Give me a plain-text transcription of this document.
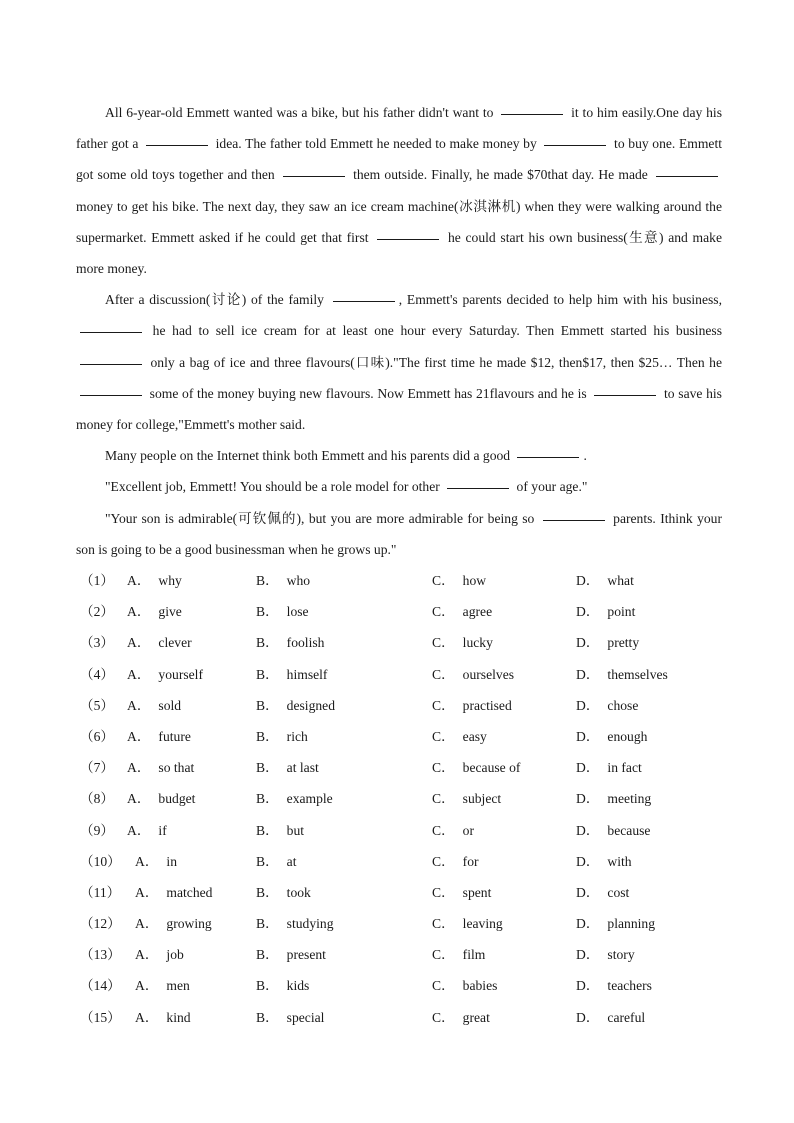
All 6-year-old Emmett wanted was a bike, but his father didn't want to	it to him easily.One day his father got a	idea. The father told Emmett he needed to make money by	to buy one. Emmett got some old toys together and then	them outside. Finally, he made $70that day. He made  money to get his bike. The next day, they saw an ice cream machine(冰淇淋机) when they were walking around the supermarket. Emmett asked if he could get that first	he could start his own business(生意) and make more money.

After a discussion(讨论) of the family	, Emmett's parents decided to help him with his business,  he had to sell ice cream for at least one hour every Saturday. Then Emmett started his business  only a bag of ice and three flavours(口味)."The first time he made $12, then$17, then $25… Then he  some of the money buying new flavours. Now Emmett has 21flavours and he is	to save his money for college,"Emmett's mother said.

Many people on the Internet think both Emmett and his parents did a good	.

"Excellent job, Emmett! You should be a role model for other	of your age."

"Your son is admirable(可钦佩的), but you are more admirable for being so	parents. Ithink your son is going to be a good businessman when he grows up."

（1） A． why	B． who	C． how	D． what
（2） A． give	B． lose	C． agree	D． point
（3） A． clever	B． foolish	C． lucky	D． pretty
（4） A． yourself	B． himself	C． ourselves	D． themselves
（5） A． sold	B． designed	C． practised	D． chose
（6） A． future	B． rich	C． easy	D． enough
（7） A． so that	B． at last	C． because of	D． in fact
（8） A． budget	B． example	C． subject	D． meeting
（9） A． if	B． but	C． or	D． because
（10） A． in	B． at	C． for	D． with
（11） A． matched	B． took	C． spent	D． cost
（12） A． growing	B． studying	C． leaving	D． planning
（13） A． job	B． present	C． film	D． story
（14） A． men	B． kids	C． babies	D． teachers
（15） A． kind	B． special	C． great	D． careful
